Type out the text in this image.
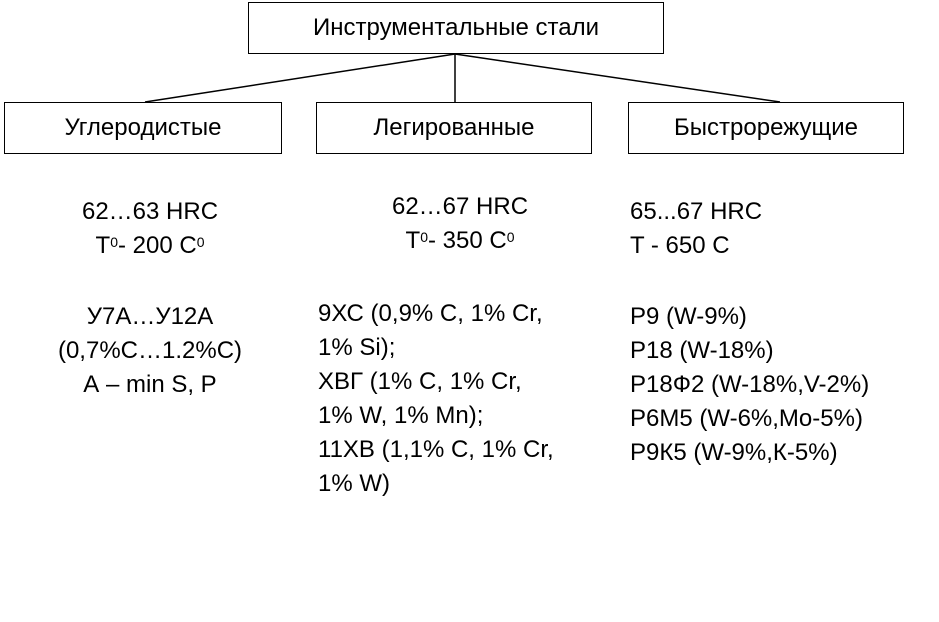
Инструментальные стали
Углеродистые	Легированные	Быстрорежущие
62…63 HRC
$T^0-$ 200 $C^0$
У7А…У12А
(0,7%С…1.2%С)
А – min S, P
62…67 HRC
$T^0-$ 350 $C^0$
9ХС (0,9% С, 1% Cr,
1% Si);
ХВГ (1% С, 1% Cr,
1% W, 1% Mn);
11ХВ (1,1% С, 1% Cr,
1% W)
65...67 HRC
T - 650 C
Р9 (W-9%)
Р18 (W-18%)
Р18Ф2 (W-18%,V-2%)
Р6М5 (W-6%,Mo-5%)
Р9К5 (W-9%,К-5%)
